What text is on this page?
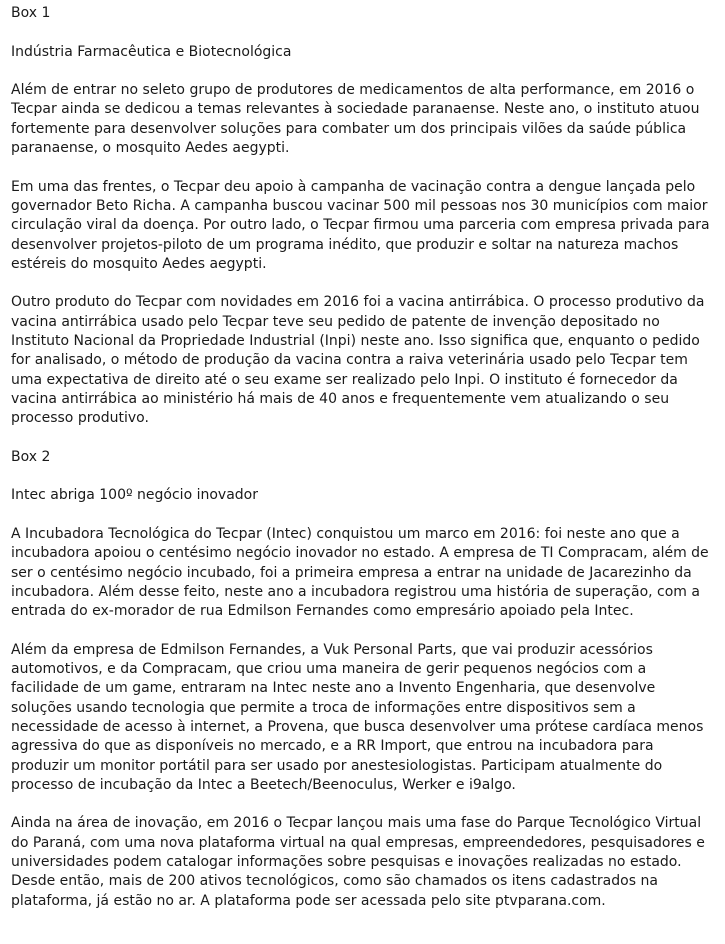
Box 1

Indústria Farmacêutica e Biotecnológica

Além de entrar no seleto grupo de produtores de medicamentos de alta performance, em 2016 o Tecpar ainda se dedicou a temas relevantes à sociedade paranaense. Neste ano, o instituto atuou fortemente para desenvolver soluções para combater um dos principais vilões da saúde pública paranaense, o mosquito Aedes aegypti.

Em uma das frentes, o Tecpar deu apoio à campanha de vacinação contra a dengue lançada pelo governador Beto Richa. A campanha buscou vacinar 500 mil pessoas nos 30 municípios com maior circulação viral da doença. Por outro lado, o Tecpar firmou uma parceria com empresa privada para desenvolver projetos-piloto de um programa inédito, que produzir e soltar na natureza machos estéreis do mosquito Aedes aegypti.

Outro produto do Tecpar com novidades em 2016 foi a vacina antirrábica. O processo produtivo da vacina antirrábica usado pelo Tecpar teve seu pedido de patente de invenção depositado no Instituto Nacional da Propriedade Industrial (Inpi) neste ano. Isso significa que, enquanto o pedido for analisado, o método de produção da vacina contra a raiva veterinária usado pelo Tecpar tem uma expectativa de direito até o seu exame ser realizado pelo Inpi. O instituto é fornecedor da vacina antirrábica ao ministério há mais de 40 anos e frequentemente vem atualizando o seu processo produtivo.

Box 2

Intec abriga 100º negócio inovador

A Incubadora Tecnológica do Tecpar (Intec) conquistou um marco em 2016: foi neste ano que a incubadora apoiou o centésimo negócio inovador no estado. A empresa de TI Compracam, além de ser o centésimo negócio incubado, foi a primeira empresa a entrar na unidade de Jacarezinho da incubadora. Além desse feito, neste ano a incubadora registrou uma história de superação, com a entrada do ex-morador de rua Edmilson Fernandes como empresário apoiado pela Intec.

Além da empresa de Edmilson Fernandes, a Vuk Personal Parts, que vai produzir acessórios automotivos, e da Compracam, que criou uma maneira de gerir pequenos negócios com a facilidade de um game, entraram na Intec neste ano a Invento Engenharia, que desenvolve soluções usando tecnologia que permite a troca de informações entre dispositivos sem a necessidade de acesso à internet, a Provena, que busca desenvolver uma prótese cardíaca menos agressiva do que as disponíveis no mercado, e a RR Import, que entrou na incubadora para produzir um monitor portátil para ser usado por anestesiologistas. Participam atualmente do processo de incubação da Intec a Beetech/Beenoculus, Werker e i9algo.

Ainda na área de inovação, em 2016 o Tecpar lançou mais uma fase do Parque Tecnológico Virtual do Paraná, com uma nova plataforma virtual na qual empresas, empreendedores, pesquisadores e universidades podem catalogar informações sobre pesquisas e inovações realizadas no estado. Desde então, mais de 200 ativos tecnológicos, como são chamados os itens cadastrados na plataforma, já estão no ar. A plataforma pode ser acessada pelo site ptvparana.com.
